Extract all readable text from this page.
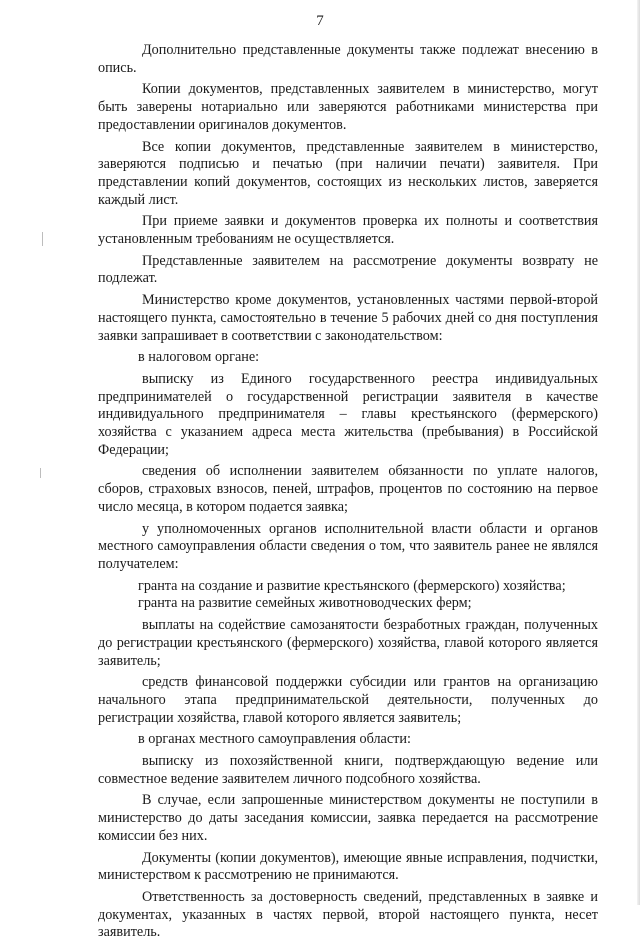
7

Дополнительно представленные документы также подлежат внесению в опись.

Копии документов, представленных заявителем в министерство, могут быть заверены нотариально или заверяются работниками министерства при предоставлении оригиналов документов.

Все копии документов, представленные заявителем в министерство, заверяются подписью и печатью (при наличии печати) заявителя. При представлении копий документов, состоящих из нескольких листов, заверяется каждый лист.

При приеме заявки и документов проверка их полноты и соответствия установленным требованиям не осуществляется.

Представленные заявителем на рассмотрение документы возврату не подлежат.

Министерство кроме документов, установленных частями первой-второй настоящего пункта, самостоятельно в течение 5 рабочих дней со дня поступления заявки запрашивает в соответствии с законодательством:

в налоговом органе:

выписку из Единого государственного реестра индивидуальных предпринимателей о государственной регистрации заявителя в качестве индивидуального предпринимателя – главы крестьянского (фермерского) хозяйства с указанием адреса места жительства (пребывания) в Российской Федерации;

сведения об исполнении заявителем обязанности по уплате налогов, сборов, страховых взносов, пеней, штрафов, процентов по состоянию на первое число месяца, в котором подается заявка;

у уполномоченных органов исполнительной власти области и органов местного самоуправления области сведения о том, что заявитель ранее не являлся получателем:

гранта на создание и развитие крестьянского (фермерского) хозяйства;

гранта на развитие семейных животноводческих ферм;

выплаты на содействие самозанятости безработных граждан, полученных до регистрации крестьянского (фермерского) хозяйства, главой которого является заявитель;

средств финансовой поддержки субсидии или грантов на организацию начального этапа предпринимательской деятельности, полученных до регистрации хозяйства, главой которого является заявитель;

в органах местного самоуправления области:

выписку из похозяйственной книги, подтверждающую ведение или совместное ведение заявителем личного подсобного хозяйства.

В случае, если запрошенные министерством документы не поступили в министерство до даты заседания комиссии, заявка передается на рассмотрение комиссии без них.

Документы (копии документов), имеющие явные исправления, подчистки, министерством к рассмотрению не принимаются.

Ответственность за достоверность сведений, представленных в заявке и документах, указанных в частях первой, второй настоящего пункта, несет заявитель.
